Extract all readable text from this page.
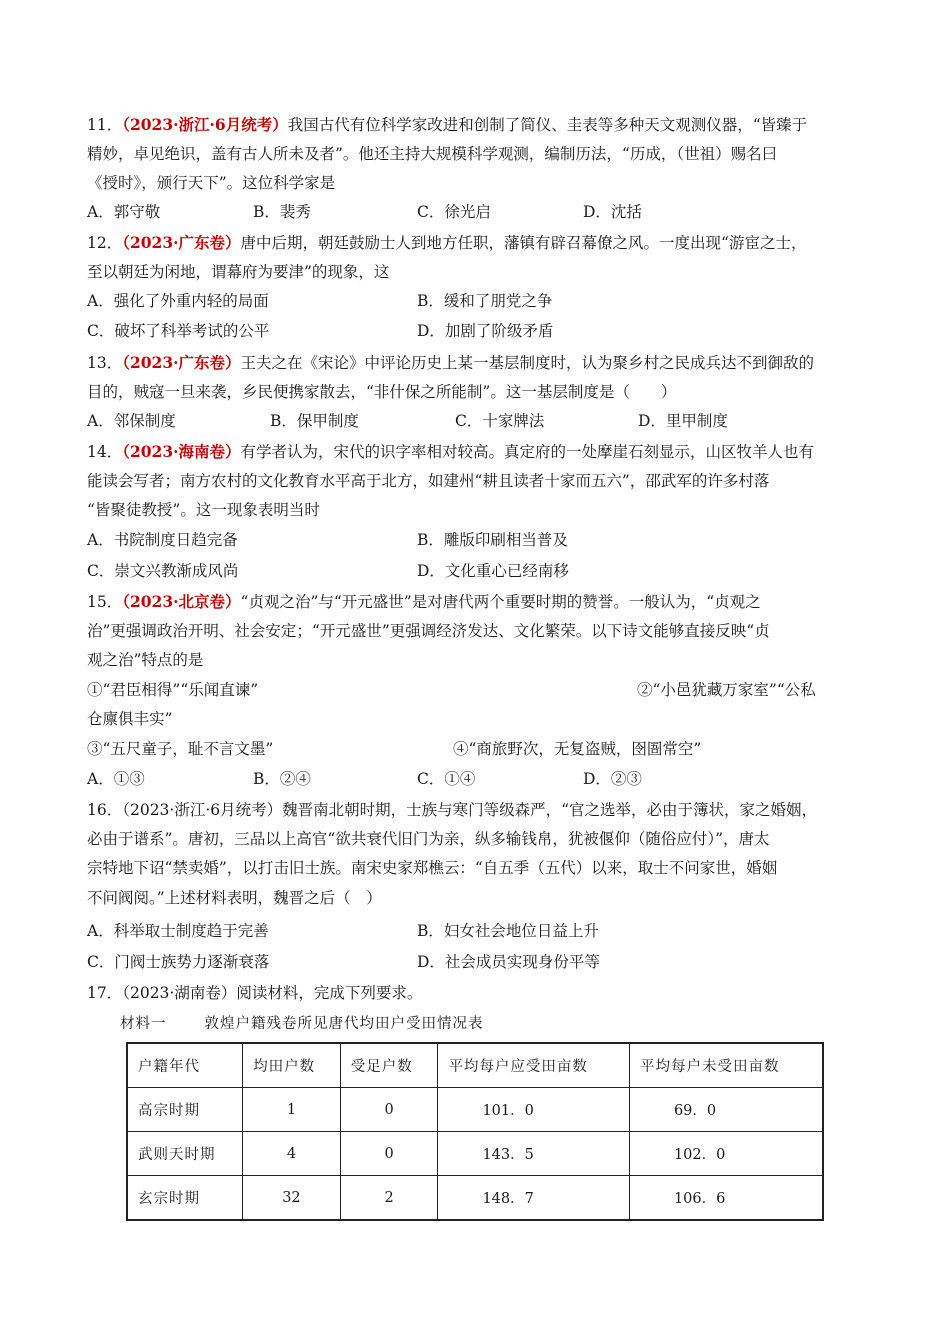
11．（2023·浙江·6月统考）我国古代有位科学家改进和创制了简仪、圭表等多种天文观测仪器，“皆臻于
精妙，卓见绝识，盖有古人所未及者”。他还主持大规模科学观测，编制历法，“历成，（世祖）赐名曰
《授时》，颁行天下”。这位科学家是
A．郭守敬	B．裴秀	C．徐光启	D．沈括
12．（2023·广东卷）唐中后期，朝廷鼓励士人到地方任职，藩镇有辟召幕僚之风。一度出现“游宦之士，
至以朝廷为闲地，谓幕府为要津”的现象，这
A．强化了外重内轻的局面	B．缓和了朋党之争
C．破坏了科举考试的公平	D．加剧了阶级矛盾
13．（2023·广东卷）王夫之在《宋论》中评论历史上某一基层制度时，认为聚乡村之民成兵达不到御敌的
目的，贼寇一旦来袭，乡民便携家散去，“非什保之所能制”。这一基层制度是（　　）
A．邻保制度	B．保甲制度	C．十家牌法	D．里甲制度
14．（2023·海南卷）有学者认为，宋代的识字率相对较高。真定府的一处摩崖石刻显示，山区牧羊人也有
能读会写者；南方农村的文化教育水平高于北方，如建州“耕且读者十家而五六”，邵武军的许多村落
“皆聚徒教授”。这一现象表明当时
A．书院制度日趋完备	B．雕版印刷相当普及
C．崇文兴教渐成风尚	D．文化重心已经南移
15．（2023·北京卷）“贞观之治”与“开元盛世”是对唐代两个重要时期的赞誉。一般认为，“贞观之
治”更强调政治开明、社会安定；“开元盛世”更强调经济发达、文化繁荣。以下诗文能够直接反映“贞
观之治”特点的是
①“君臣相得”“乐闻直谏”	②“小邑犹藏万家室”“公私
仓廪俱丰实”
③“五尺童子，耻不言文墨”	④“商旅野次，无复盗贼，囹圄常空”
A．①③	B．②④	C．①④	D．②③
16．（2023·浙江·6月统考）魏晋南北朝时期，士族与寒门等级森严，“官之选举，必由于簿状，家之婚姻，
必由于谱系”。唐初，三品以上高官“欲共衰代旧门为亲，纵多输钱帛，犹被偃仰（随俗应付）”，唐太
宗特地下诏“禁卖婚”，以打击旧士族。南宋史家郑樵云：“自五季（五代）以来，取士不问家世，婚姻
不问阀阅。”上述材料表明，魏晋之后（　）
A．科举取士制度趋于完善	B．妇女社会地位日益上升
C．门阀士族势力逐渐衰落	D．社会成员实现身份平等
17．（2023·湖南卷）阅读材料，完成下列要求。
材料一	敦煌户籍残卷所见唐代均田户受田情况表
户籍年代	均田户数	受足户数	平均每户应受田亩数	平均每户未受田亩数
高宗时期	1	0	101．0	69．0
武则天时期	4	0	143．5	102．0
玄宗时期	32	2	148．7	106．6
